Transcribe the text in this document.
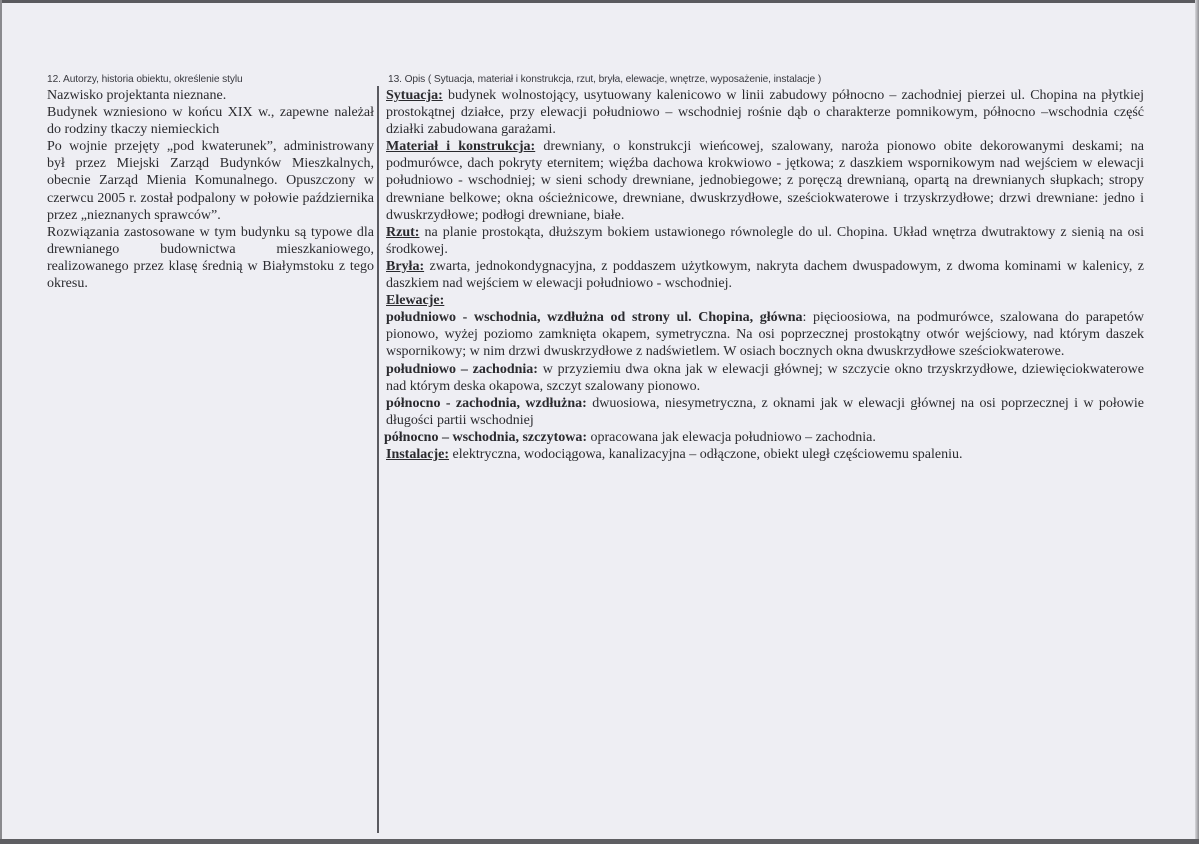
12. Autorzy, historia obiektu, określenie stylu

Nazwisko projektanta nieznane.

Budynek wzniesiono w końcu XIX w., zapewne należał do rodziny tkaczy niemieckich

Po wojnie przejęty „pod kwaterunek”, administrowany był przez Miejski Zarząd Budynków Mieszkalnych, obecnie Zarząd Mienia Komunalnego. Opuszczony w czerwcu 2005 r. został podpalony w połowie października przez „nieznanych sprawców”.

Rozwiązania zastosowane w tym budynku są typowe dla drewnianego budownictwa mieszkaniowego, realizowanego przez klasę średnią w Białymstoku z tego okresu.

13. Opis ( Sytuacja, materiał i konstrukcja, rzut, bryła, elewacje, wnętrze, wyposażenie, instalacje )

Sytuacja: budynek wolnostojący, usytuowany kalenicowo w linii zabudowy północno – zachodniej pierzei ul. Chopina na płytkiej prostokątnej działce, przy elewacji południowo – wschodniej rośnie dąb o charakterze pomnikowym, północno –wschodnia część działki zabudowana garażami.

Materiał i konstrukcja: drewniany, o konstrukcji wieńcowej, szalowany, naroża pionowo obite dekorowanymi deskami; na podmurówce, dach pokryty eternitem; więźba dachowa krokwiowo - jętkowa; z daszkiem wspornikowym nad wejściem w elewacji południowo - wschodniej; w sieni schody drewniane, jednobiegowe; z poręczą drewnianą, opartą na drewnianych słupkach; stropy drewniane belkowe; okna ościeżnicowe, drewniane, dwuskrzydłowe, sześciokwaterowe i trzyskrzydłowe; drzwi drewniane: jedno i dwuskrzydłowe; podłogi drewniane, białe.

Rzut: na planie prostokąta, dłuższym bokiem ustawionego równolegle do ul. Chopina. Układ wnętrza dwutraktowy z sienią na osi środkowej.

Bryła: zwarta, jednokondygnacyjna, z poddaszem użytkowym, nakryta dachem dwuspadowym, z dwoma kominami w kalenicy, z daszkiem nad wejściem w elewacji południowo - wschodniej.

Elewacje:

południowo - wschodnia, wzdłużna od strony ul. Chopina, główna: pięcioosiowa, na podmurówce, szalowana do parapetów pionowo, wyżej poziomo zamknięta okapem, symetryczna. Na osi poprzecznej prostokątny otwór wejściowy, nad którym daszek wspornikowy; w nim drzwi dwuskrzydłowe z nadświetlem. W osiach bocznych okna dwuskrzydłowe sześciokwaterowe.

południowo – zachodnia: w przyziemiu dwa okna jak w elewacji głównej; w szczycie okno trzyskrzydłowe, dziewięciokwaterowe nad którym deska okapowa, szczyt szalowany pionowo.

północno - zachodnia, wzdłużna: dwuosiowa, niesymetryczna, z oknami jak w elewacji głównej na osi poprzecznej i w połowie długości partii wschodniej

północno – wschodnia, szczytowa: opracowana jak elewacja południowo – zachodnia.

Instalacje: elektryczna, wodociągowa, kanalizacyjna – odłączone, obiekt uległ częściowemu spaleniu.
